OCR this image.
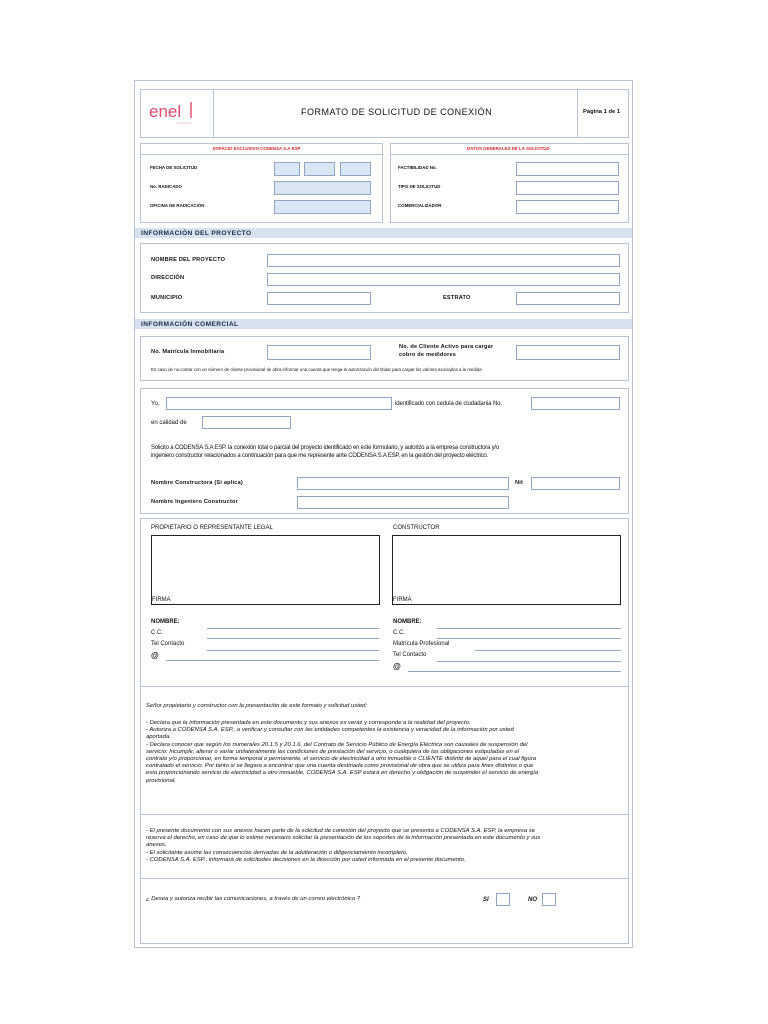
enel	FORMATO DE SOLICITUD DE CONEXIÓN	Página 1 de 1
ESPACIO EXCLUSIVO CODENSA S.A ESP
FECHA DE SOLICITUD
No. RADICADO
OFICINA DE RADICACIÓN
DATOS GENERALES DE LA SOLICITUD
FACTIBILIDAD No.
TIPO DE SOLICITUD
COMERCIALIZADOR
INFORMACIÓN DEL PROYECTO
NOMBRE DEL PROYECTO
DIRECCIÓN
MUNICIPIO	ESTRATO
INFORMACIÓN COMERCIAL
No. Matrícula Inmobiliaria
No. de Cliente Activo para cargar
cobro de medidores
En caso de no contar con un número de cliente provisional de obra informar una cuenta que tenga la autorización del titular para cargar los valores asociados a la medida
Yo,	identificado con cedula de ciudadania No.
en calidad de
Solicito a CODENSA S.A ESP. la conexión total o parcial del proyecto identificado en este formulario, y autorizo a la empresa constructora y/o
ingeniero constructor relacionados a continuación para que me represente ante CODENSA S.A ESP. en la gestión del proyecto eléctrico.
Nombre Constructora (Si aplica)	Nit
Nombre Ingeniero Constructor
PROPIETARIO O REPRESENTANTE LEGAL	CONSTRUCTOR
FIRMA	FIRMA
NOMBRE:
C.C.
Tel Contacto
@
NOMBRE:
C.C.
Matrícula Profesional
Tel Contacto
@
Señor propietario y constructor con la presentación de este formato y solicitud usted:
- Declara que la información presentada en este documento y sus anexos es veraz y corresponde a la realidad del proyecto.
- Autoriza a CODENSA S.A. ESP., a verificar y consultar con las entidades competentes la existencia y veracidad de la información por usted
aportada.
- Declara conocer que según los numerales 20.1.5 y 20.1.6. del Contrato de Servicio Público de Energía Eléctrica son causales de suspensión del
servicio: Incumplir, alterar o variar unilateralmente las condiciones de prestación del servicio, o cualquiera de las obligaciones estipuladas en el
contrato y/o proporcionar, en forma temporal o permanente, el servicio de electricidad a otro inmueble o CLIENTE distinto de aquel para el cual figura
contratado el servicio. Por tanto si se llegara a encontrar que una cuenta destinada como provisional de obra que se utiliza para fines distintos o que
esta proporcionando servicio de electricidad a otro inmueble, CODENSA S.A. ESP estará en derecho y obligación de suspender el servicio de energía
provisional.
- El presente documento con sus anexos hacen parte de la solicitud de conexión del proyecto que se presenta a CODENSA S.A. ESP, la empresa se
reserva el derecho, en caso de que lo estime necesario solicitar la presentación de los soportes de la información presentada en este documento y sus
anexos.
- El solicitante asume las consecuencias derivadas de la adulteración o diligenciamiento incompleto.
- CODENSA S.A. ESP., informará de solicitudes decisiones en la dirección por usted informada en el presente documento.
¿ Desea y autoriza recibir las comunicaciones, a través de un correo electrónico ?	SI	NO
